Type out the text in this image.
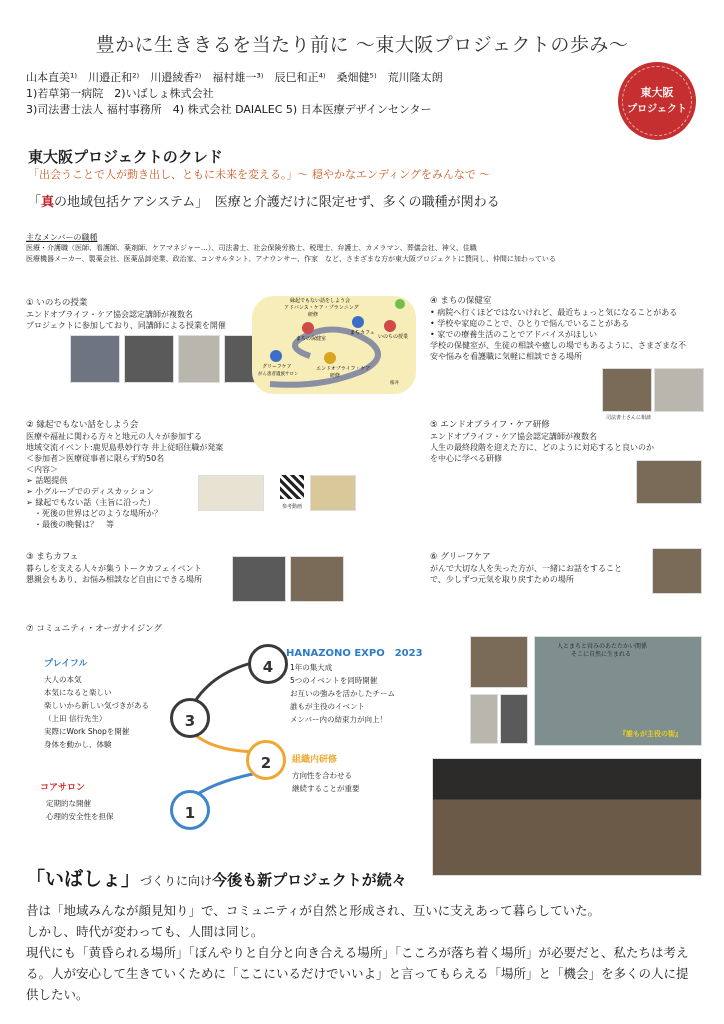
豊かに生ききるを当たり前に ～東大阪プロジェクトの歩み～
山本直美¹⁾　川邉正和²⁾　川邉綾香²⁾　福村雄一³⁾　辰巳和正⁴⁾　桑畑健⁵⁾　荒川隆太朗
1)若草第一病院　2)いばしょ株式会社
3)司法書士法人 福村事務所　4) 株式会社 DAIALEC 5) 日本医療デザインセンター
東大阪
プロジェクト
東大阪プロジェクトのクレド
「出会うことで人が動き出し、ともに未来を変える。」～ 穏やかなエンディングをみんなで ～
「真の地域包括ケアシステム」　医療と介護だけに限定せず、多くの職種が関わる
主なメンバーの職種
医療・介護職（医師、看護師、薬剤師、ケアマネジャー…）、司法書士、社会保険労務士、税理士、弁護士、カメラマン、葬儀会社、神父、住職
医療機器メーカー、製薬会社、医薬品卸売業、政治家、コンサルタント、アナウンサー、作家　など、さまざまな方が東大阪プロジェクトに賛同し、仲間に加わっている
① いのちの授業
エンドオブライフ・ケア協会認定講師が複数名
プロジェクトに参加しており、同講師による授業を開催
縁起でもない話をしよう会
アドバンス・ケア・プランニング
研修
まちの保健室
まちカフェ
グリーフケア
がん患者遺族サロン
エンドオブライフ・ケア
研修
いのちの授業
桜井
④ まちの保健室
• 病院へ行くほどではないけれど、最近ちょっと気になることがある
• 学校や家庭のことで、ひとりで悩んでいることがある
• 家での療養生活のことでアドバイスがほしい
学校の保健室が、生徒の相談や癒しの場でもあるように、さまざまな不
安や悩みを看護職に気軽に相談できる場所
司法書士さんに相談
② 縁起でもない話をしよう会
医療や福祉に関わる方々と地元の人々が参加する
地域交流イベント:鹿児島県妙行寺 井上従昭住職が発案
＜参加者＞医療従事者に限らず約50名
＜内容＞
➢ 話題提供
➢ 小グループでのディスカッション
➢ 縁起でもない話（主旨に沿った）
　・死後の世界はどのような場所か？
　・最後の晩餐は？　等
参考動画
⑤ エンドオブライフ・ケア研修
エンドオブライフ・ケア協会認定講師が複数名
人生の最終段階を迎えた方に、どのように対応すると良いのか
を中心に学べる研修
③ まちカフェ
暮らしを支える人々が集うトークカフェイベント
懇親会もあり、お悩み相談など自由にできる場所
⑥ グリーフケア
がんで大切な人を失った方が、一緒にお話をすること
で、少しずつ元気を取り戻すための場所
⑦ コミュニティ・オーガナイジング
4
3
2
1
プレイフル
大人の本気
本気になると楽しい
楽しいから新しい気づきがある
（上田 信行先生）
実際にWork Shopを開催
身体を動かし、体験
コアサロン
定期的な開催
心理的安全性を担保
HANAZONO EXPO　2023
1年の集大成
5つのイベントを同時開催
お互いの強みを活かしたチーム
誰もが主役のイベント
メンバー内の結束力が向上！
組織内研修
方向性を合わせる
継続することが重要
人とまちと営みのあたたかい関係
そこに自然に生まれる
『誰もが主役の街』
「いばしょ」づくりに向け今後も新プロジェクトが続々
昔は「地域みんなが顔見知り」で、コミュニティが自然と形成され、互いに支えあって暮らしていた。
しかし、時代が変わっても、人間は同じ。
現代にも「黄昏られる場所」「ぼんやりと自分と向き合える場所」「こころが落ち着く場所」が必要だと、私たちは考える。人が安心して生きていくために「ここにいるだけでいいよ」と言ってもらえる「場所」と「機会」を多くの人に提供したい。
